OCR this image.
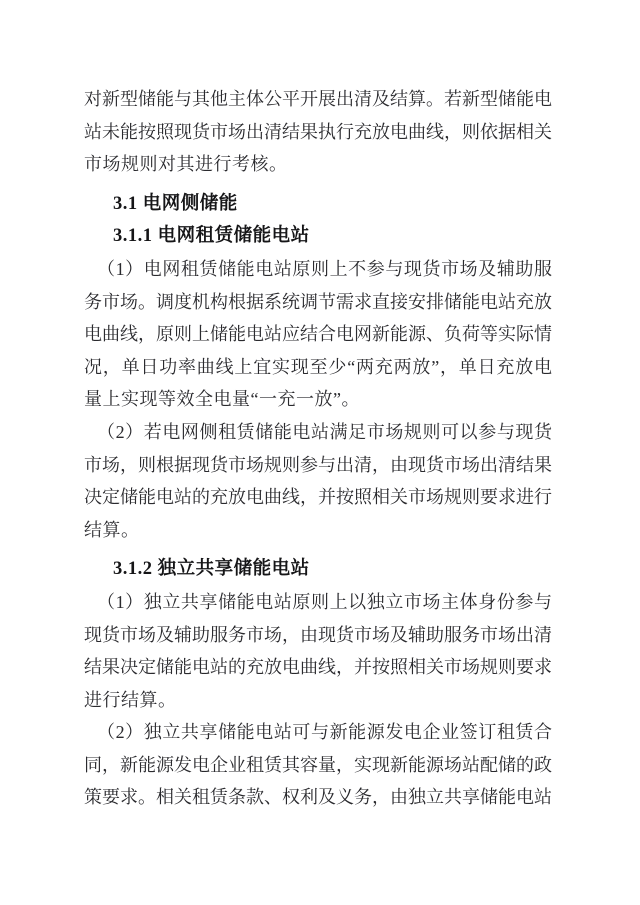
对新型储能与其他主体公平开展出清及结算。若新型储能电
站未能按照现货市场出清结果执行充放电曲线，则依据相关
市场规则对其进行考核。
3.1 电网侧储能
3.1.1 电网租赁储能电站
（1）电网租赁储能电站原则上不参与现货市场及辅助服
务市场。调度机构根据系统调节需求直接安排储能电站充放
电曲线，原则上储能电站应结合电网新能源、负荷等实际情
况，单日功率曲线上宜实现至少“两充两放”，单日充放电
量上实现等效全电量“一充一放”。
（2）若电网侧租赁储能电站满足市场规则可以参与现货
市场，则根据现货市场规则参与出清，由现货市场出清结果
决定储能电站的充放电曲线，并按照相关市场规则要求进行
结算。
3.1.2 独立共享储能电站
（1）独立共享储能电站原则上以独立市场主体身份参与
现货市场及辅助服务市场，由现货市场及辅助服务市场出清
结果决定储能电站的充放电曲线，并按照相关市场规则要求
进行结算。
（2）独立共享储能电站可与新能源发电企业签订租赁合
同，新能源发电企业租赁其容量，实现新能源场站配储的政
策要求。相关租赁条款、权利及义务，由独立共享储能电站
